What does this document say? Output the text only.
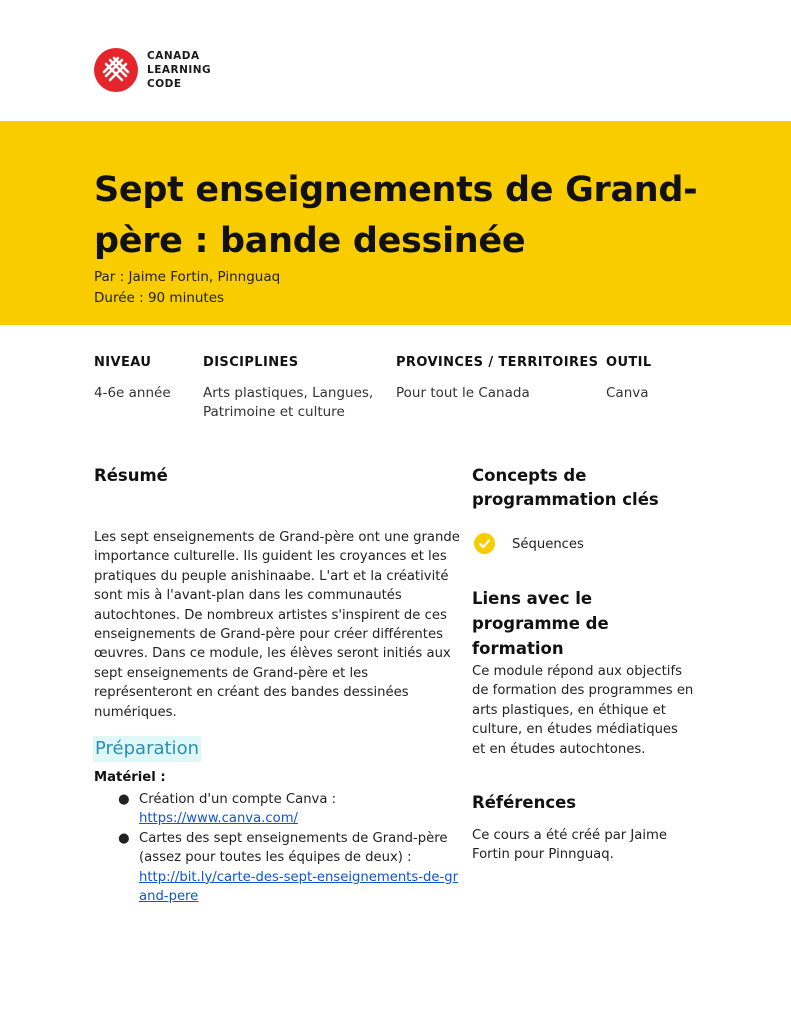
CANADA
LEARNING
CODE
Sept enseignements de Grand-père : bande dessinée
Par : Jaime Fortin, Pinnguaq
Durée : 90 minutes
NIVEAU
4-6e année
DISCIPLINES
Arts plastiques, Langues, Patrimoine et culture
PROVINCES / TERRITOIRES
Pour tout le Canada
OUTIL
Canva
Résumé

Les sept enseignements de Grand-père ont une grande importance culturelle. Ils guident les croyances et les pratiques du peuple anishinaabe. L'art et la créativité sont mis à l'avant-plan dans les communautés autochtones. De nombreux artistes s'inspirent de ces enseignements de Grand-père pour créer différentes œuvres. Dans ce module, les élèves seront initiés aux sept enseignements de Grand-père et les représenteront en créant des bandes dessinées numériques.

Préparation
Matériel :
● Création d'un compte Canva :
https://www.canva.com/
● Cartes des sept enseignements de Grand-père (assez pour toutes les équipes de deux) :
http://bit.ly/carte-des-sept-enseignements-de-grand-pere
Concepts de programmation clés
Séquences
Liens avec le programme de formation

Ce module répond aux objectifs de formation des programmes en arts plastiques, en éthique et culture, en études médiatiques et en études autochtones.

Références

Ce cours a été créé par Jaime Fortin pour Pinnguaq.
